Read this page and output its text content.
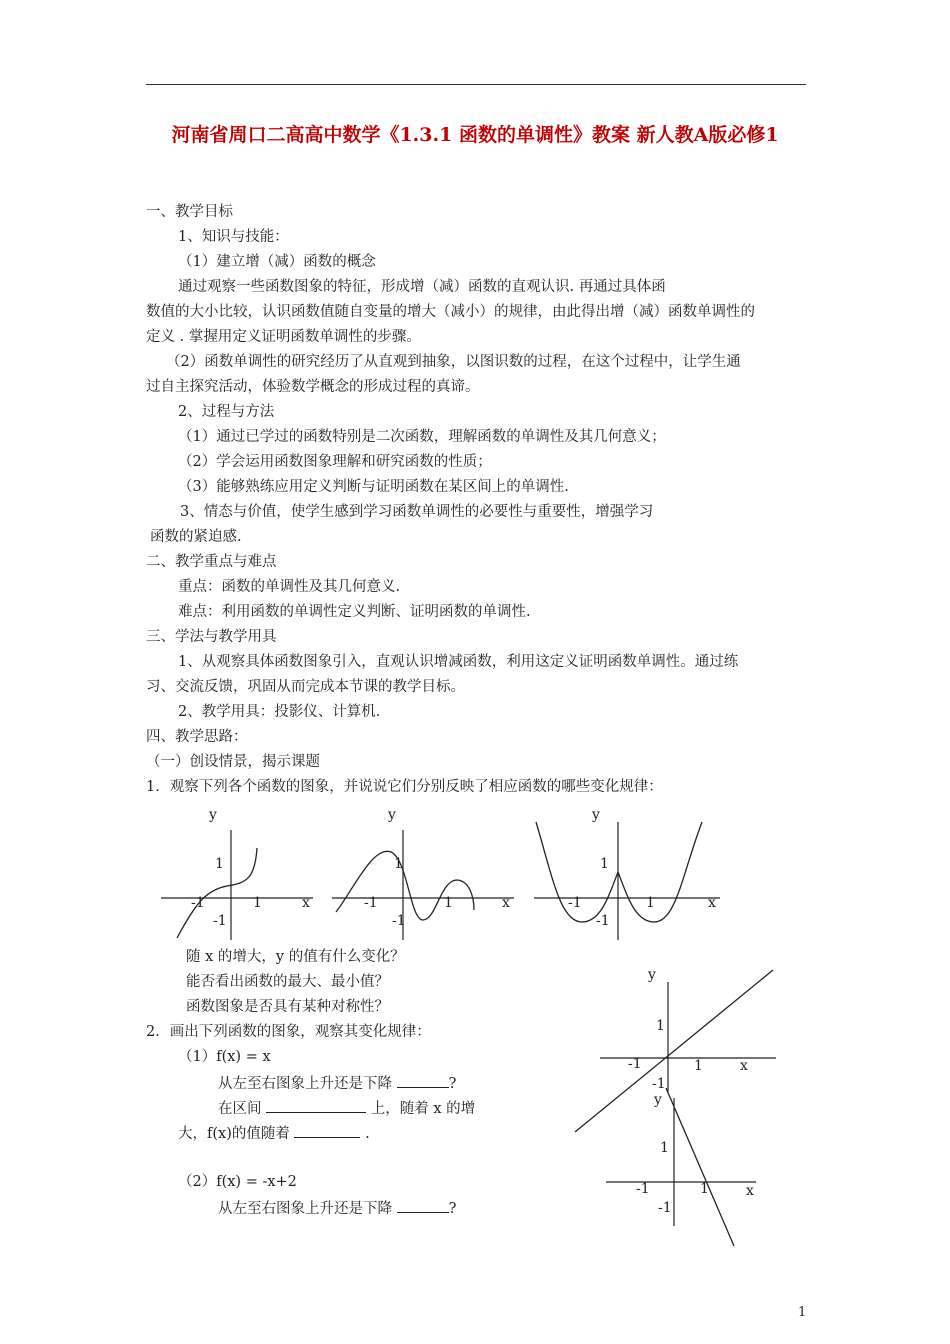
河南省周口二高高中数学《1.3.1 函数的单调性》教案 新人教A版必修1
一、教学目标
1、知识与技能：
（1）建立增（减）函数的概念
通过观察一些函数图象的特征，形成增（减）函数的直观认识. 再通过具体函
数值的大小比较，认识函数值随自变量的增大（减小）的规律，由此得出增（减）函数单调性的
定义 . 掌握用定义证明函数单调性的步骤。
（2）函数单调性的研究经历了从直观到抽象，以图识数的过程，在这个过程中，让学生通
过自主探究活动，体验数学概念的形成过程的真谛。
2、过程与方法
（1）通过已学过的函数特别是二次函数，理解函数的单调性及其几何意义；
（2）学会运用函数图象理解和研究函数的性质；
（3）能够熟练应用定义判断与证明函数在某区间上的单调性.
3、情态与价值，使学生感到学习函数单调性的必要性与重要性，增强学习
函数的紧迫感.
二、教学重点与难点
重点：函数的单调性及其几何意义.
难点：利用函数的单调性定义判断、证明函数的单调性.
三、学法与教学用具
1、从观察具体函数图象引入，直观认识增减函数，利用这定义证明函数单调性。通过练
习、交流反馈，巩固从而完成本节课的教学目标。
2、教学用具：投影仪、计算机.
四、教学思路：
（一）创设情景，揭示课题
1．观察下列各个函数的图象，并说说它们分别反映了相应函数的哪些变化规律：
y
1
-1	1	x
-1
y
1
-1	1	x
-1
y
1
-1	1	x
-1
随 x 的增大，y 的值有什么变化？
能否看出函数的最大、最小值？
函数图象是否具有某种对称性？
2．画出下列函数的图象，观察其变化规律：
（1）f(x) = x
从左至右图象上升还是下降	?
在区间	上，随着 x 的增
大，f(x)的值随着	.
（2）f(x) = -x+2
从左至右图象上升还是下降	?
y
1
-1	1	x
-1
y
1
-1	1	x
-1
1
